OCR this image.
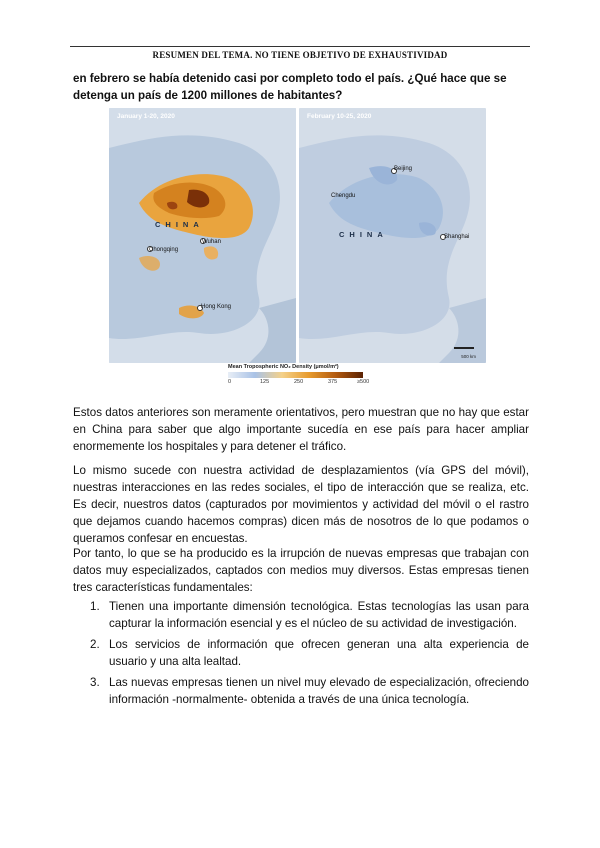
RESUMEN DEL TEMA. NO TIENE OBJETIVO DE EXHAUSTIVIDAD
en febrero se había detenido casi por completo todo el país. ¿Qué hace que se detenga un país de 1200 millones de habitantes?
January 1-20, 2020
CHINA
Chongqing
Wuhan
Hong Kong
February 10-25, 2020
Beijing
Chengdu
CHINA	Shanghai
500 km
Mean Tropospheric NO₂ Density (μmol/m²)
0	125	250	375	≥500
Estos datos anteriores son meramente orientativos, pero muestran que no hay que estar en China para saber que algo importante sucedía en ese país para hacer ampliar enormemente los hospitales y para detener el tráfico.
Lo mismo sucede con nuestra actividad de desplazamientos (vía GPS del móvil), nuestras interacciones en las redes sociales, el tipo de interacción que se realiza, etc. Es decir, nuestros datos (capturados por movimientos y actividad del móvil o el rastro que dejamos cuando hacemos compras) dicen más de nosotros de lo que podamos o queramos confesar en encuestas.
Por tanto, lo que se ha producido es la irrupción de nuevas empresas que trabajan con datos muy especializados, captados con medios muy diversos. Estas empresas tienen tres características fundamentales:
1. Tienen una importante dimensión tecnológica. Estas tecnologías las usan para capturar la información esencial y es el núcleo de su actividad de investigación.
2. Los servicios de información que ofrecen generan una alta experiencia de usuario y una alta lealtad.
3. Las nuevas empresas tienen un nivel muy elevado de especialización, ofreciendo información -normalmente- obtenida a través de una única tecnología.
